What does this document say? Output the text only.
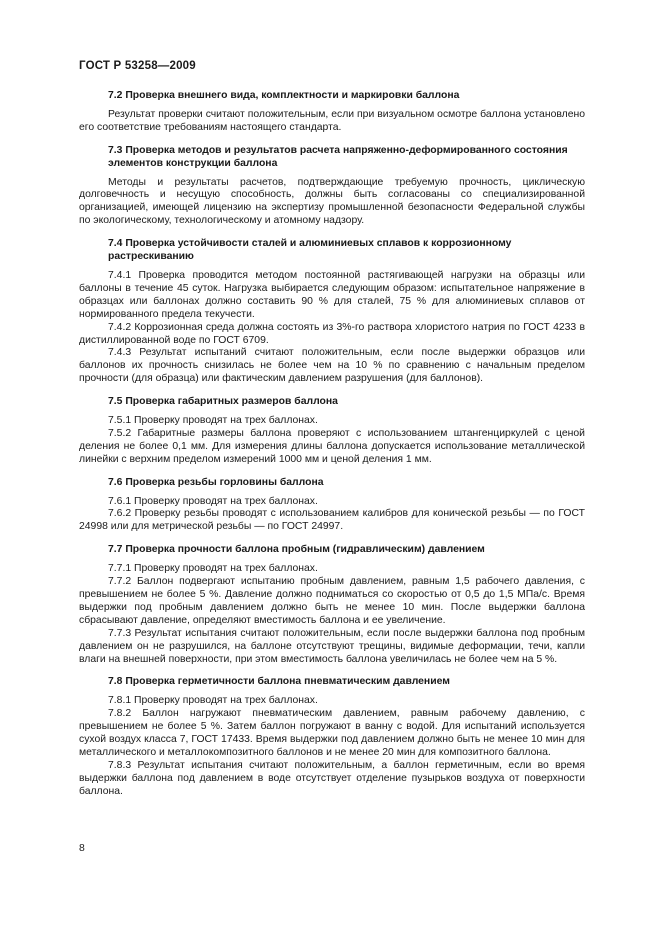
ГОСТ Р 53258—2009

7.2 Проверка внешнего вида, комплектности и маркировки баллона

Результат проверки считают положительным, если при визуальном осмотре баллона установлено его соответствие требованиям настоящего стандарта.

7.3 Проверка методов и результатов расчета напряженно-деформированного состояния элементов конструкции баллона

Методы и результаты расчетов, подтверждающие требуемую прочность, циклическую долговечность и несущую способность, должны быть согласованы со специализированной организацией, имеющей лицензию на экспертизу промышленной безопасности Федеральной службы по экологическому, технологическому и атомному надзору.

7.4 Проверка устойчивости сталей и алюминиевых сплавов к коррозионному растрескиванию

7.4.1 Проверка проводится методом постоянной растягивающей нагрузки на образцы или баллоны в течение 45 суток. Нагрузка выбирается следующим образом: испытательное напряжение в образцах или баллонах должно составить 90 % для сталей, 75 % для алюминиевых сплавов от нормированного предела текучести.

7.4.2 Коррозионная среда должна состоять из 3%-го раствора хлористого натрия по ГОСТ 4233 в дистиллированной воде по ГОСТ 6709.

7.4.3 Результат испытаний считают положительным, если после выдержки образцов или баллонов их прочность снизилась не более чем на 10 % по сравнению с начальным пределом прочности (для образца) или фактическим давлением разрушения (для баллонов).

7.5 Проверка габаритных размеров баллона

7.5.1 Проверку проводят на трех баллонах.

7.5.2 Габаритные размеры баллона проверяют с использованием штангенциркулей с ценой деления не более 0,1 мм. Для измерения длины баллона допускается использование металлической линейки с верхним пределом измерений 1000 мм и ценой деления 1 мм.

7.6 Проверка резьбы горловины баллона

7.6.1 Проверку проводят на трех баллонах.

7.6.2 Проверку резьбы проводят с использованием калибров для конической резьбы — по ГОСТ 24998 или для метрической резьбы — по ГОСТ 24997.

7.7 Проверка прочности баллона пробным (гидравлическим) давлением

7.7.1 Проверку проводят на трех баллонах.

7.7.2 Баллон подвергают испытанию пробным давлением, равным 1,5 рабочего давления, с превышением не более 5 %. Давление должно подниматься со скоростью от 0,5 до 1,5 МПа/с. Время выдержки под пробным давлением должно быть не менее 10 мин. После выдержки баллона сбрасывают давление, определяют вместимость баллона и ее увеличение.

7.7.3 Результат испытания считают положительным, если после выдержки баллона под пробным давлением он не разрушился, на баллоне отсутствуют трещины, видимые деформации, течи, капли влаги на внешней поверхности, при этом вместимость баллона увеличилась не более чем на 5 %.

7.8 Проверка герметичности баллона пневматическим давлением

7.8.1 Проверку проводят на трех баллонах.

7.8.2 Баллон нагружают пневматическим давлением, равным рабочему давлению, с превышением не более 5 %. Затем баллон погружают в ванну с водой. Для испытаний используется сухой воздух класса 7, ГОСТ 17433. Время выдержки под давлением должно быть не менее 10 мин для металлического и металлокомпозитного баллонов и не менее 20 мин для композитного баллона.

7.8.3 Результат испытания считают положительным, а баллон герметичным, если во время выдержки баллона под давлением в воде отсутствует отделение пузырьков воздуха от поверхности баллона.

8
